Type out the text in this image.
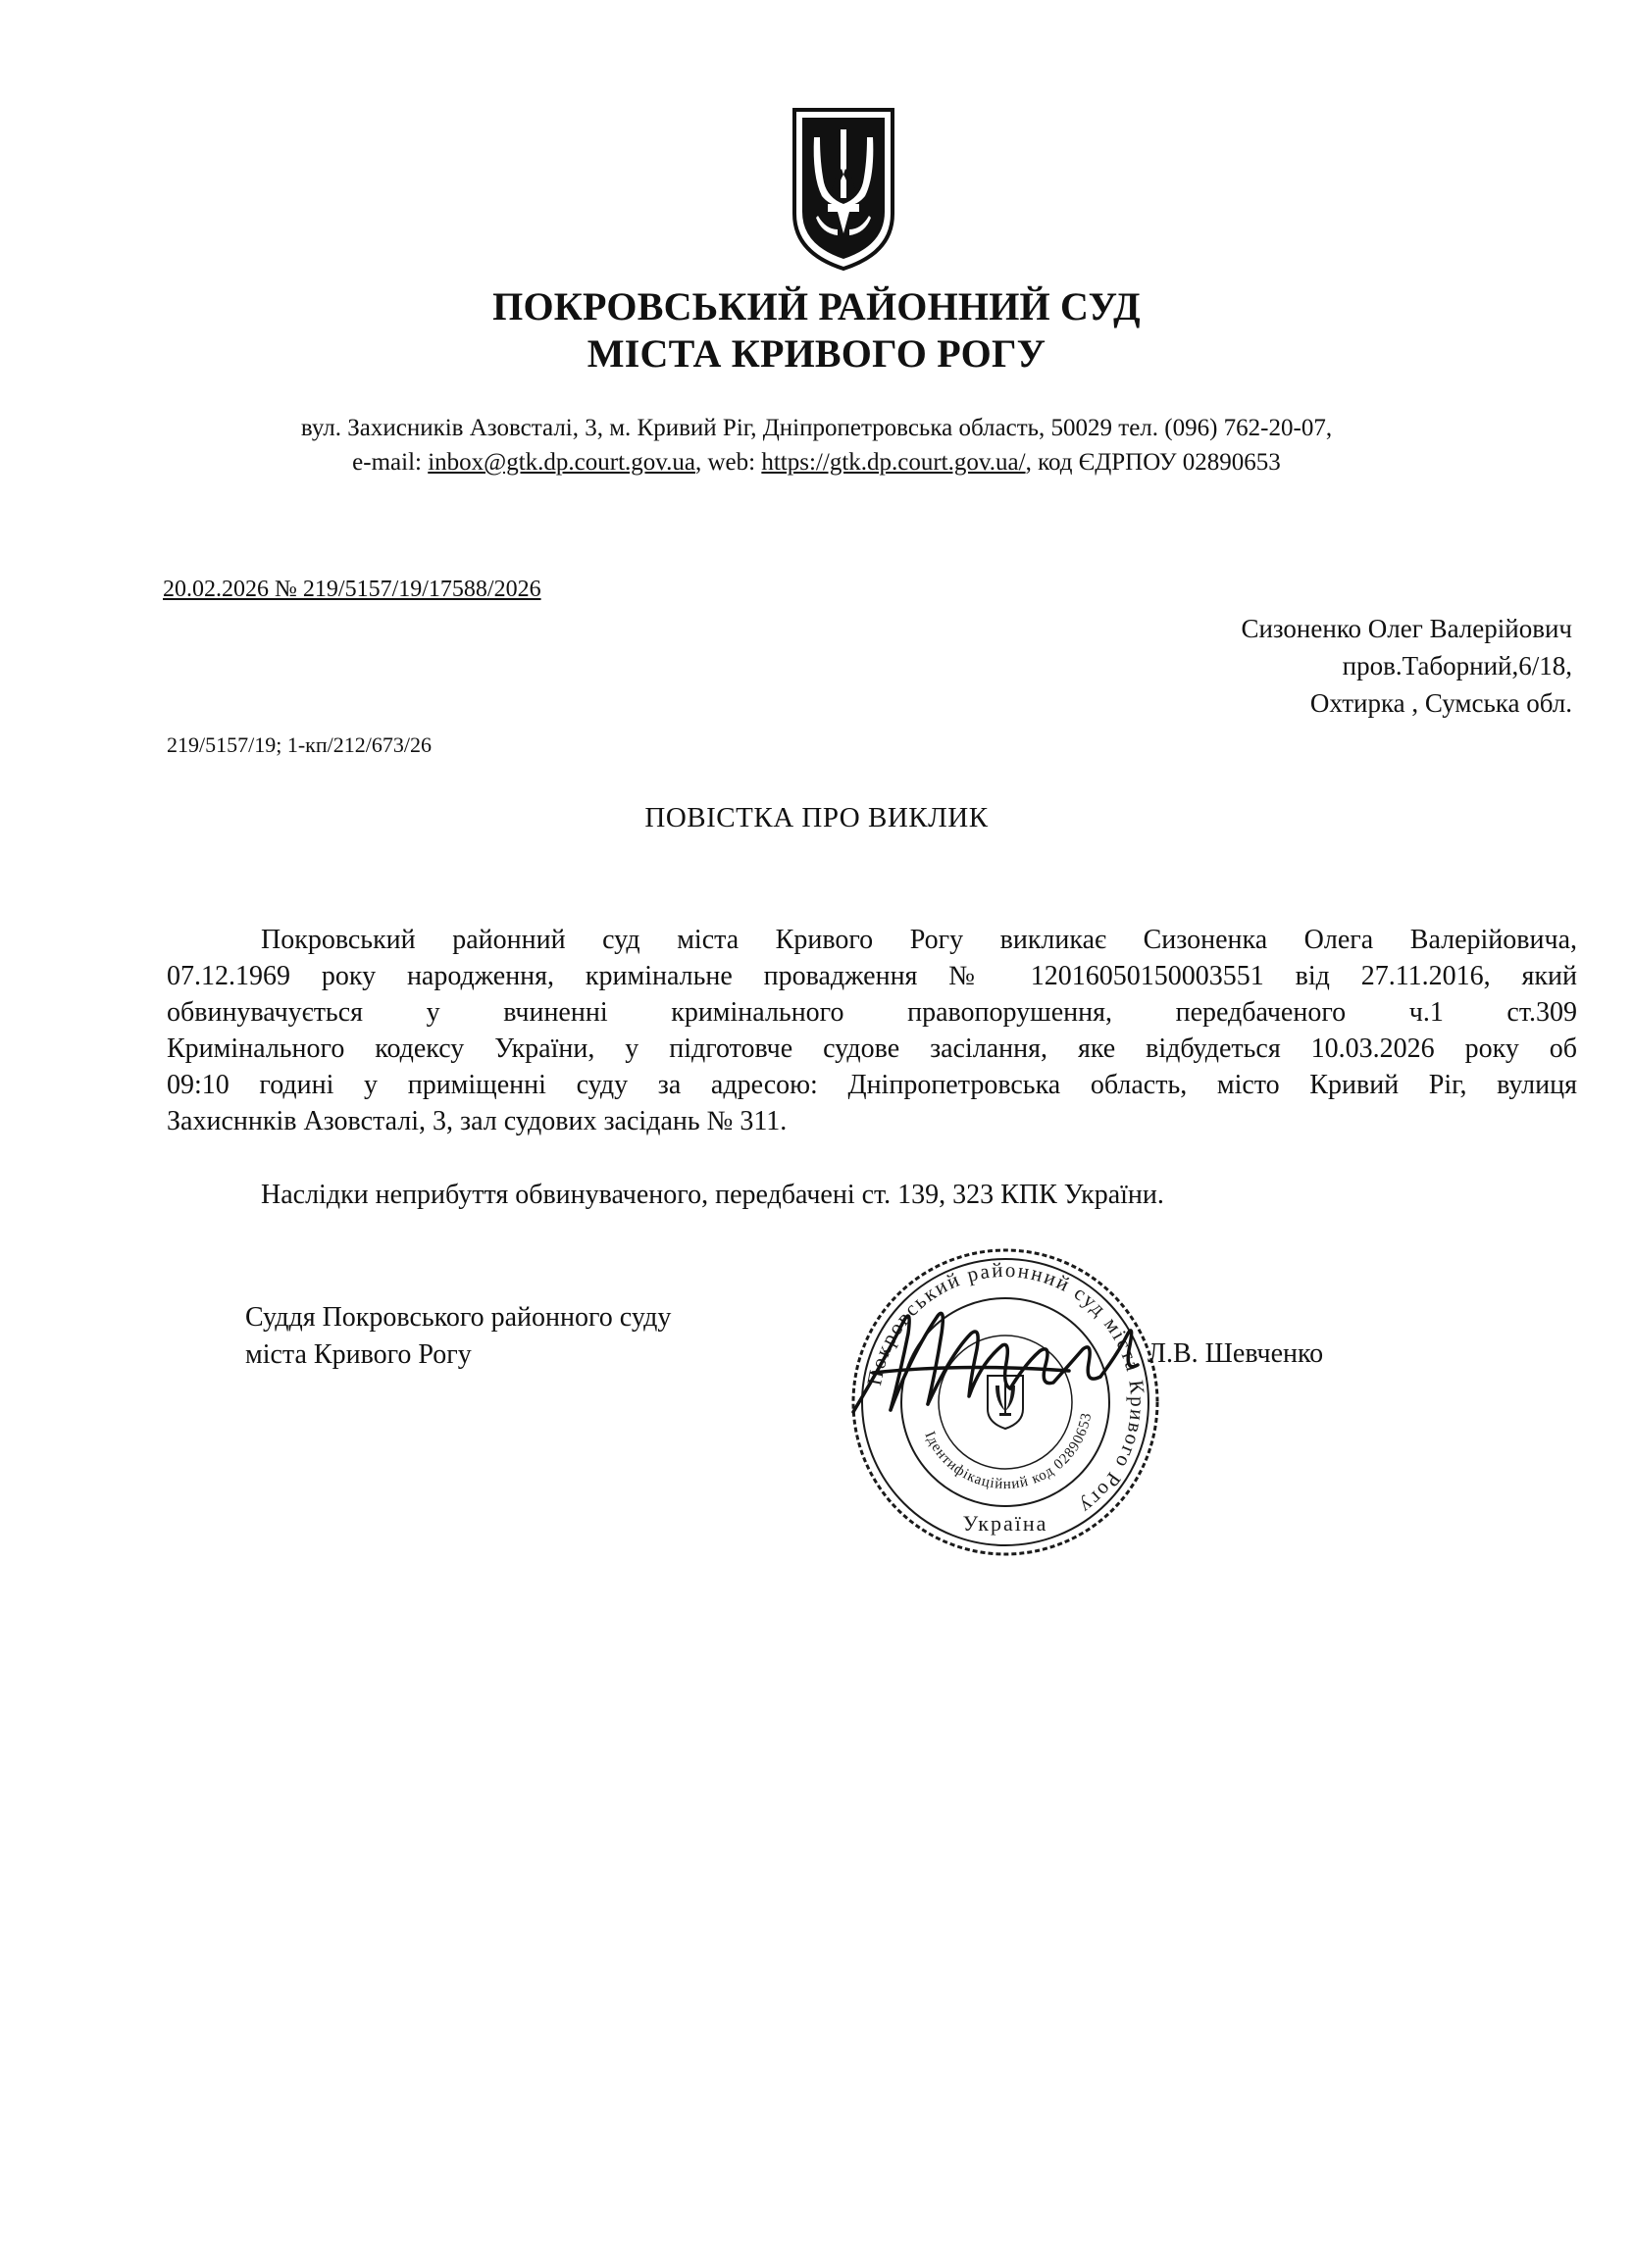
ПОКРОВСЬКИЙ РАЙОННИЙ СУД
МІСТА КРИВОГО РОГУ
вул. Захисників Азовсталі, 3, м. Кривий Ріг, Дніпропетровська область, 50029 тел. (096) 762-20-07,
e-mail: inbox@gtk.dp.court.gov.ua, web: https://gtk.dp.court.gov.ua/, код ЄДРПОУ 02890653
20.02.2026 № 219/5157/19/17588/2026
Сизоненко Олег Валерійович
пров.Таборний,6/18,
Охтирка , Сумська обл.
219/5157/19; 1-кп/212/673/26
ПОВІСТКА ПРО ВИКЛИК
Покровський районний суд міста Кривого Рогу викликає Сизоненка Олега Валерійовича,
07.12.1969 року народження, кримінальне провадження № 12016050150003551 від 27.11.2016, який
обвинувачується у вчиненні кримінального правопорушення, передбаченого ч.1 ст.309
Кримінального кодексу України, у підготовче судове засілання, яке відбудеться 10.03.2026 року об
09:10 годині у приміщенні суду за адресою: Дніпропетровська область, місто Кривий Ріг, вулиця
Захисннків Азовсталі, 3, зал судових засідань № 311.
Наслідки неприбуття обвинуваченого, передбачені ст. 139, 323 КПК України.
Суддя Покровського районного суду
міста Кривого Рогу
Покровський районний суд міста Кривого Рогу
Ідентифікаційний код 02890653
Україна
Л.В. Шевченко
